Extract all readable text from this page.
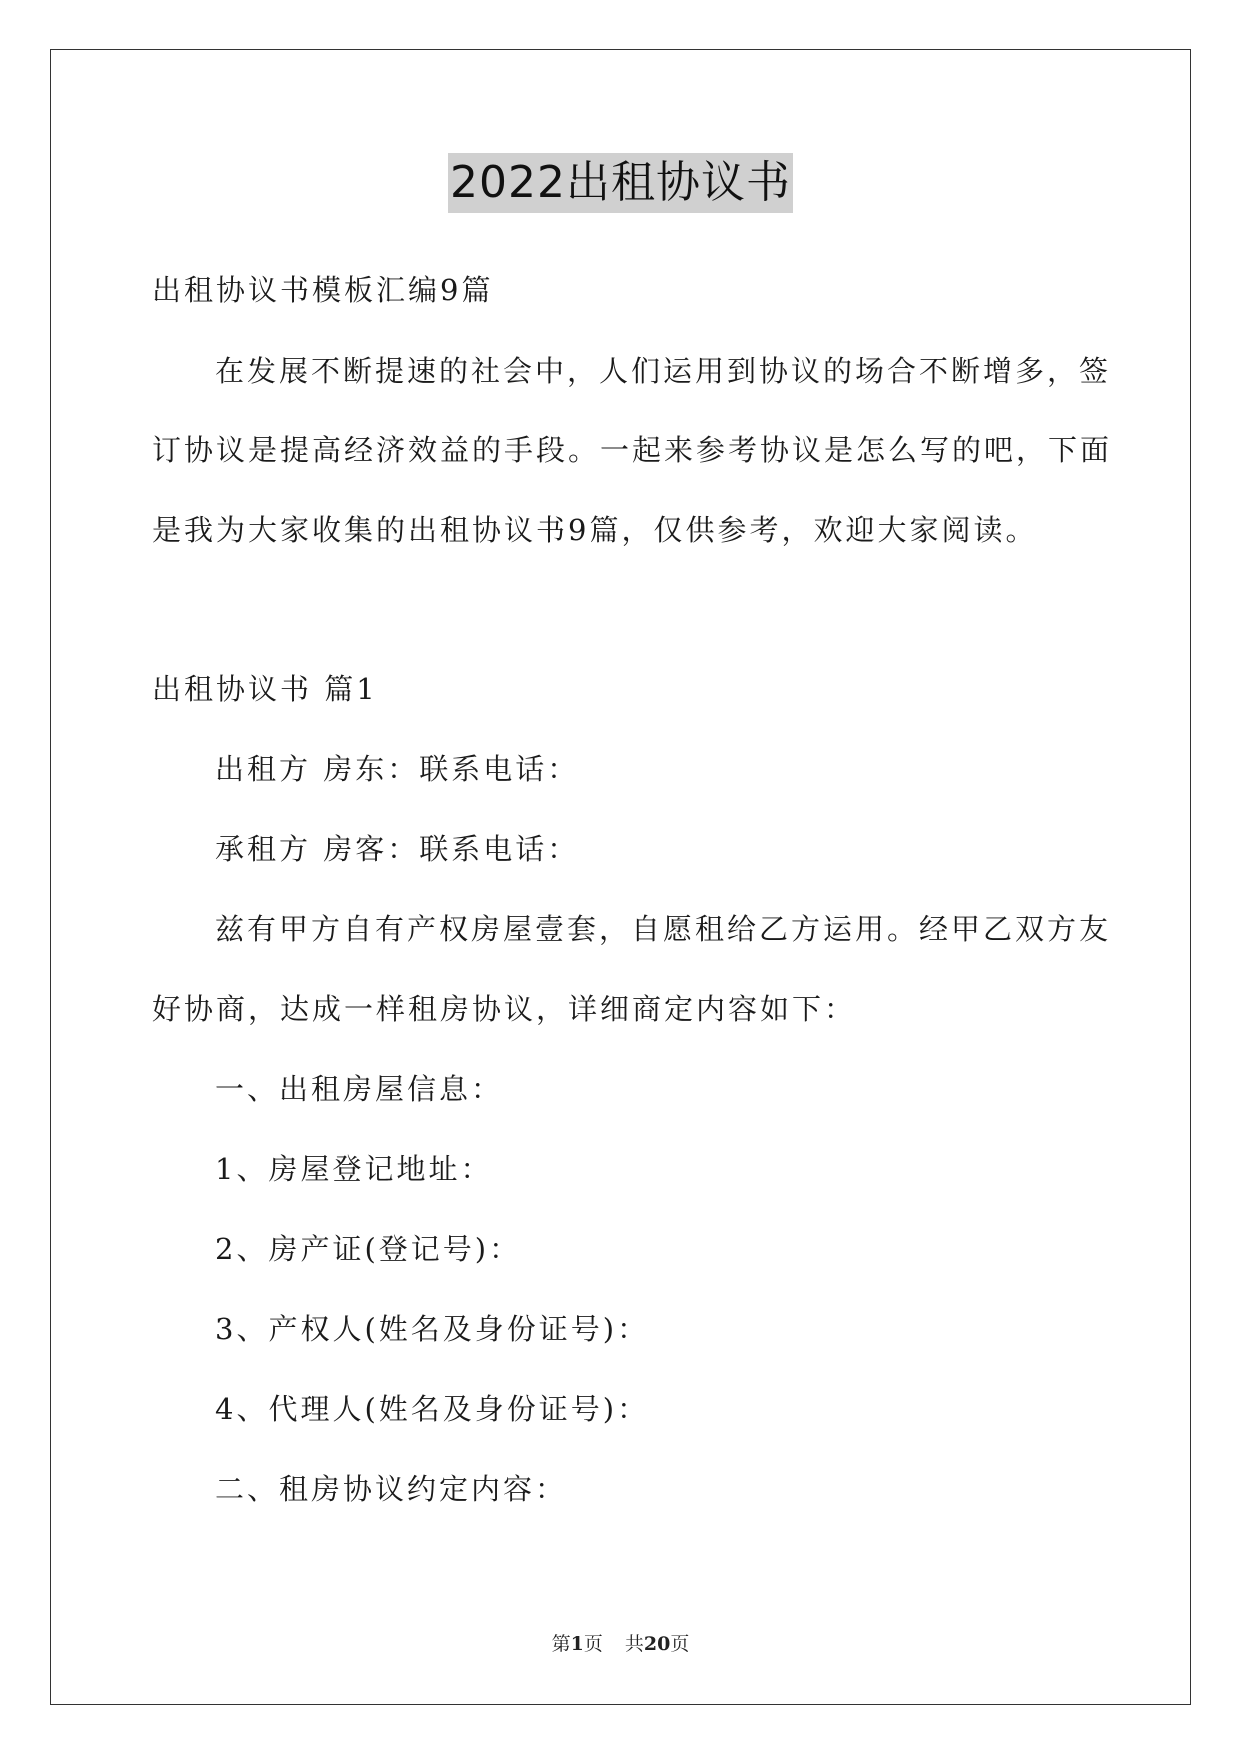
2022出租协议书
出租协议书模板汇编9篇
在发展不断提速的社会中，人们运用到协议的场合不断增多，签
订协议是提高经济效益的手段。一起来参考协议是怎么写的吧，下面
是我为大家收集的出租协议书9篇，仅供参考，欢迎大家阅读。
出租协议书 篇1
出租方 房东：联系电话：
承租方 房客：联系电话：
兹有甲方自有产权房屋壹套，自愿租给乙方运用。经甲乙双方友
好协商，达成一样租房协议，详细商定内容如下：
一、出租房屋信息：
1、房屋登记地址：
2、房产证(登记号)：
3、产权人(姓名及身份证号)：
4、代理人(姓名及身份证号)：
二、租房协议约定内容：
第1页 共20页
